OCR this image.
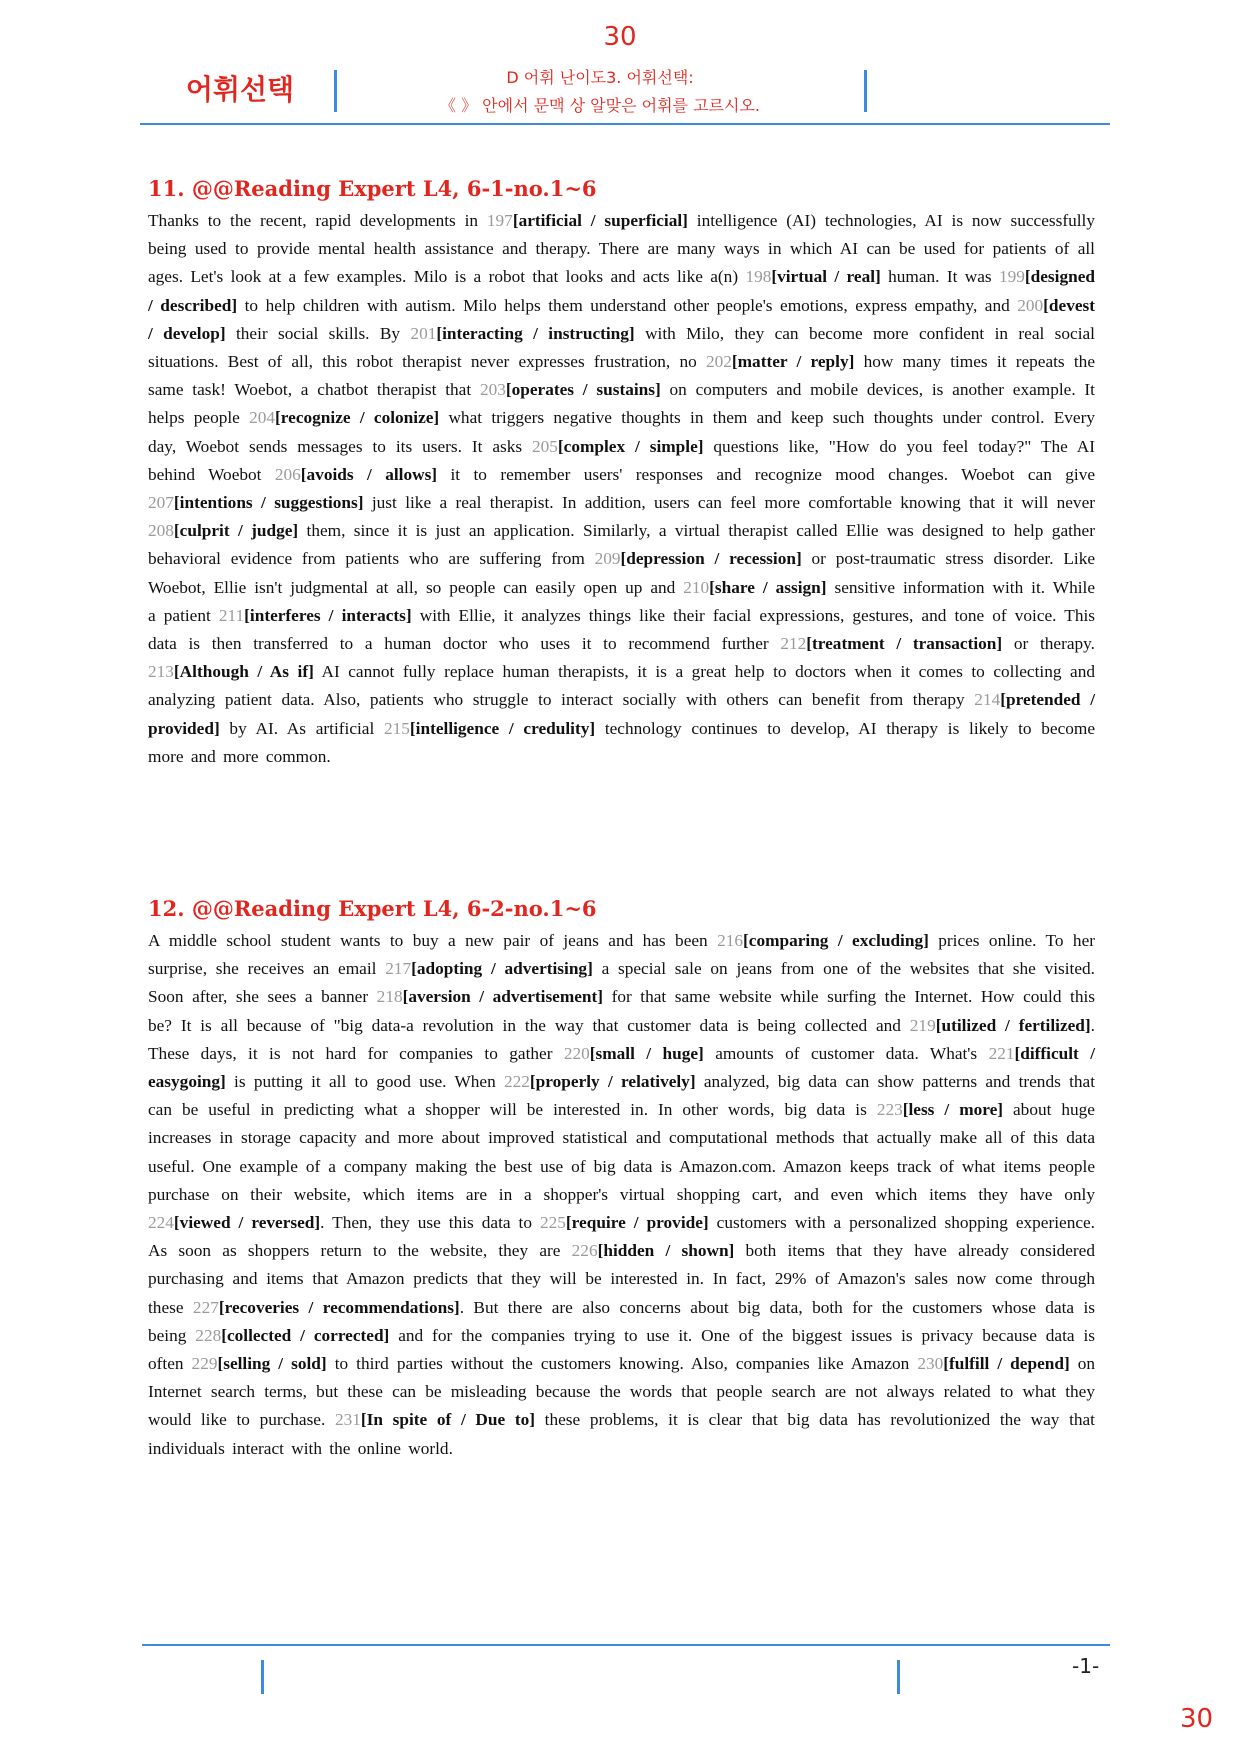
30
어휘선택	D 어휘 난이도3. 어휘선택:
《 》 안에서 문맥 상 알맞은 어휘를 고르시오.
11. @@Reading Expert L4, 6-1-no.1~6

Thanks to the recent, rapid developments in 197[artificial / superficial] intelligence (AI) technologies, AI is now successfully being used to provide mental health assistance and therapy. There are many ways in which AI can be used for patients of all ages. Let's look at a few examples. Milo is a robot that looks and acts like a(n) 198[virtual / real] human. It was 199[designed / described] to help children with autism. Milo helps them understand other people's emotions, express empathy, and 200[devest / develop] their social skills. By 201[interacting / instructing] with Milo, they can become more confident in real social situations. Best of all, this robot therapist never expresses frustration, no 202[matter / reply] how many times it repeats the same task! Woebot, a chatbot therapist that 203[operates / sustains] on computers and mobile devices, is another example. It helps people 204[recognize / colonize] what triggers negative thoughts in them and keep such thoughts under control. Every day, Woebot sends messages to its users. It asks 205[complex / simple] questions like, "How do you feel today?" The AI behind Woebot 206[avoids / allows] it to remember users' responses and recognize mood changes. Woebot can give 207[intentions / suggestions] just like a real therapist. In addition, users can feel more comfortable knowing that it will never 208[culprit / judge] them, since it is just an application. Similarly, a virtual therapist called Ellie was designed to help gather behavioral evidence from patients who are suffering from 209[depression / recession] or post-traumatic stress disorder. Like Woebot, Ellie isn't judgmental at all, so people can easily open up and 210[share / assign] sensitive information with it. While a patient 211[interferes / interacts] with Ellie, it analyzes things like their facial expressions, gestures, and tone of voice. This data is then transferred to a human doctor who uses it to recommend further 212[treatment / transaction] or therapy. 213[Although / As if] AI cannot fully replace human therapists, it is a great help to doctors when it comes to collecting and analyzing patient data. Also, patients who struggle to interact socially with others can benefit from therapy 214[pretended / provided] by AI. As artificial 215[intelligence / credulity] technology continues to develop, AI therapy is likely to become more and more common.

12. @@Reading Expert L4, 6-2-no.1~6

A middle school student wants to buy a new pair of jeans and has been 216[comparing / excluding] prices online. To her surprise, she receives an email 217[adopting / advertising] a special sale on jeans from one of the websites that she visited. Soon after, she sees a banner 218[aversion / advertisement] for that same website while surfing the Internet. How could this be? It is all because of "big data-a revolution in the way that customer data is being collected and 219[utilized / fertilized]. These days, it is not hard for companies to gather 220[small / huge] amounts of customer data. What's 221[difficult / easygoing] is putting it all to good use. When 222[properly / relatively] analyzed, big data can show patterns and trends that can be useful in predicting what a shopper will be interested in. In other words, big data is 223[less / more] about huge increases in storage capacity and more about improved statistical and computational methods that actually make all of this data useful. One example of a company making the best use of big data is Amazon.com. Amazon keeps track of what items people purchase on their website, which items are in a shopper's virtual shopping cart, and even which items they have only 224[viewed / reversed]. Then, they use this data to 225[require / provide] customers with a personalized shopping experience. As soon as shoppers return to the website, they are 226[hidden / shown] both items that they have already considered purchasing and items that Amazon predicts that they will be interested in. In fact, 29% of Amazon's sales now come through these 227[recoveries / recommendations]. But there are also concerns about big data, both for the customers whose data is being 228[collected / corrected] and for the companies trying to use it. One of the biggest issues is privacy because data is often 229[selling / sold] to third parties without the customers knowing. Also, companies like Amazon 230[fulfill / depend] on Internet search terms, but these can be misleading because the words that people search are not always related to what they would like to purchase. 231[In spite of / Due to] these problems, it is clear that big data has revolutionized the way that individuals interact with the online world.

-1-
30
